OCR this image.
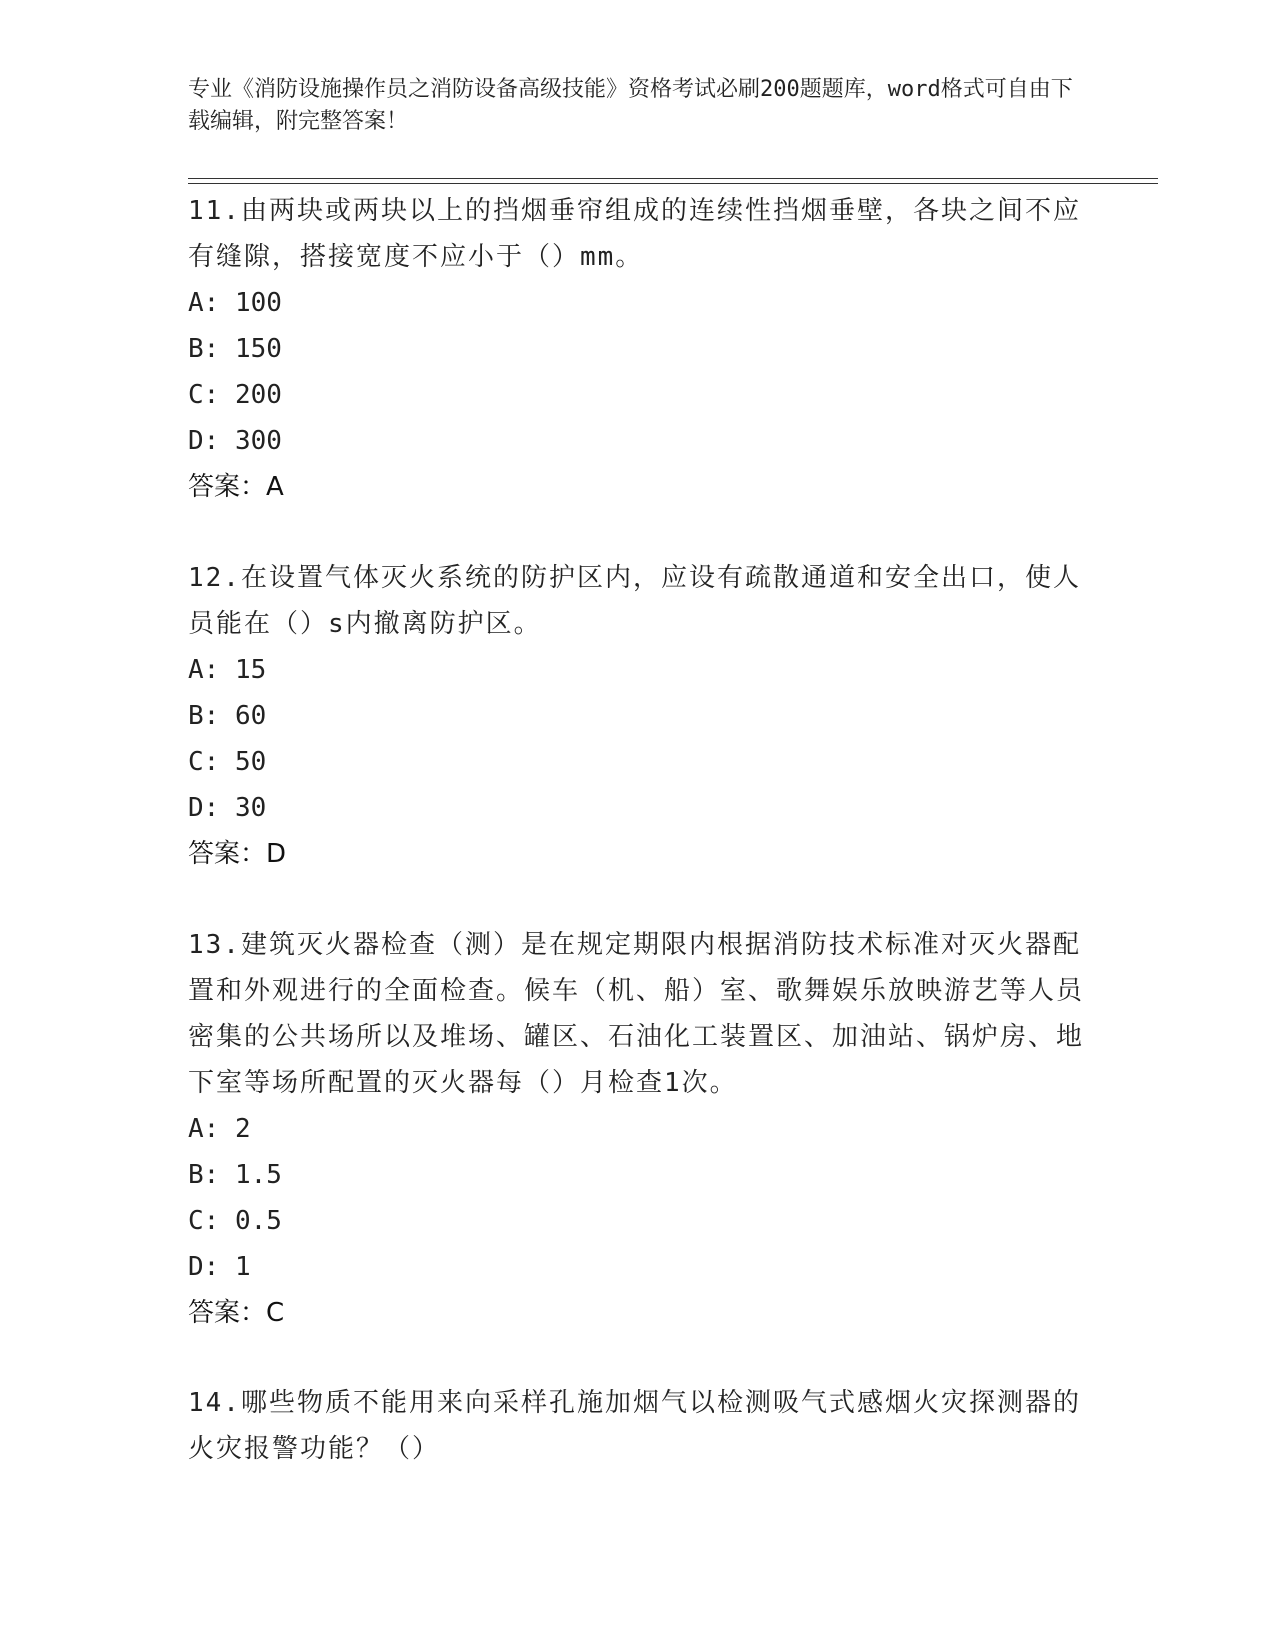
专业《消防设施操作员之消防设备高级技能》资格考试必刷200题题库，word格式可自由下载编辑，附完整答案！
11.由两块或两块以上的挡烟垂帘组成的连续性挡烟垂壁，各块之间不应有缝隙，搭接宽度不应小于（）mm。
A: 100
B: 150
C: 200
D: 300
答案：A
12.在设置气体灭火系统的防护区内，应设有疏散通道和安全出口，使人员能在（）s内撤离防护区。
A: 15
B: 60
C: 50
D: 30
答案：D
13.建筑灭火器检查（测）是在规定期限内根据消防技术标准对灭火器配置和外观进行的全面检查。候车（机、船）室、歌舞娱乐放映游艺等人员密集的公共场所以及堆场、罐区、石油化工装置区、加油站、锅炉房、地下室等场所配置的灭火器每（）月检查1次。
A: 2
B: 1.5
C: 0.5
D: 1
答案：C
14.哪些物质不能用来向采样孔施加烟气以检测吸气式感烟火灾探测器的火灾报警功能？（）
